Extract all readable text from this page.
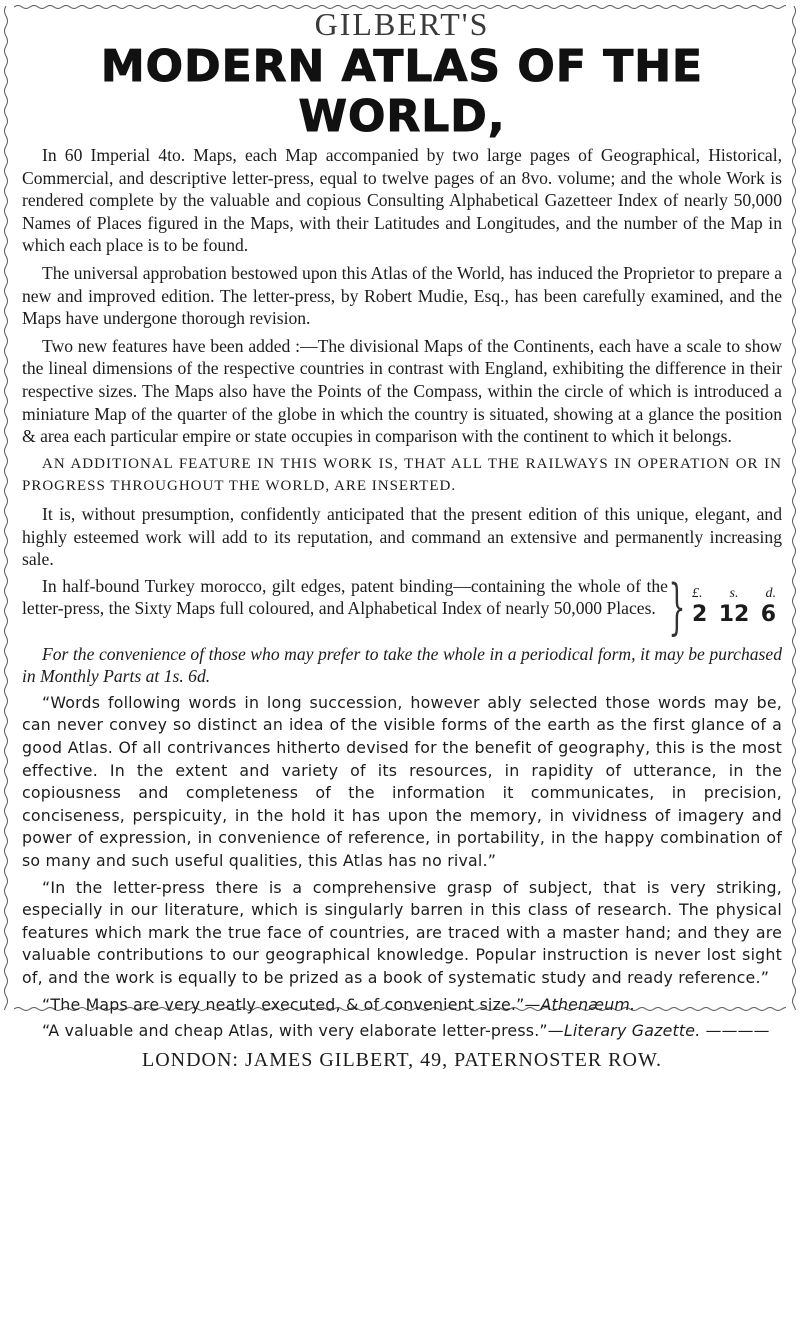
GILBERT'S
MODERN ATLAS OF THE WORLD,

In 60 Imperial 4to. Maps, each Map accompanied by two large pages of Geographical, Historical, Commercial, and descriptive letter-press, equal to twelve pages of an 8vo. volume; and the whole Work is rendered complete by the valuable and copious Consulting Alphabetical Gazetteer Index of nearly 50,000 Names of Places figured in the Maps, with their Latitudes and Longitudes, and the number of the Map in which each place is to be found.

The universal approbation bestowed upon this Atlas of the World, has induced the Proprietor to prepare a new and improved edition. The letter-press, by Robert Mudie, Esq., has been carefully examined, and the Maps have undergone thorough revision.

Two new features have been added :—The divisional Maps of the Continents, each have a scale to show the lineal dimensions of the respective countries in contrast with England, exhibiting the difference in their respective sizes. The Maps also have the Points of the Compass, within the circle of which is introduced a miniature Map of the quarter of the globe in which the country is situated, showing at a glance the position & area each particular empire or state occupies in comparison with the continent to which it belongs.

AN ADDITIONAL FEATURE IN THIS WORK IS, THAT ALL THE RAILWAYS IN OPERATION OR IN PROGRESS THROUGHOUT THE WORLD, ARE INSERTED.

It is, without presumption, confidently anticipated that the present edition of this unique, elegant, and highly esteemed work will add to its reputation, and command an extensive and permanently increasing sale.

In half-bound Turkey morocco, gilt edges, patent binding—containing the whole of the letter-press, the Sixty Maps full coloured, and Alphabetical Index of nearly 50,000 Places. } £. s. d.
2 12 6

For the convenience of those who may prefer to take the whole in a periodical form, it may be purchased in Monthly Parts at 1s. 6d.

“Words following words in long succession, however ably selected those words may be, can never convey so distinct an idea of the visible forms of the earth as the first glance of a good Atlas. Of all contrivances hitherto devised for the benefit of geography, this is the most effective. In the extent and variety of its resources, in rapidity of utterance, in the copiousness and completeness of the information it communicates, in precision, conciseness, perspicuity, in the hold it has upon the memory, in vividness of imagery and power of expression, in convenience of reference, in portability, in the happy combination of so many and such useful qualities, this Atlas has no rival.”

“In the letter-press there is a comprehensive grasp of subject, that is very striking, especially in our literature, which is singularly barren in this class of research. The physical features which mark the true face of countries, are traced with a master hand; and they are valuable contributions to our geographical knowledge. Popular instruction is never lost sight of, and the work is equally to be prized as a book of systematic study and ready reference.”

“The Maps are very neatly executed, & of convenient size.”—Athenæum.

“A valuable and cheap Atlas, with very elaborate letter-press.”—Literary Gazette. ————

LONDON: JAMES GILBERT, 49, PATERNOSTER ROW.
